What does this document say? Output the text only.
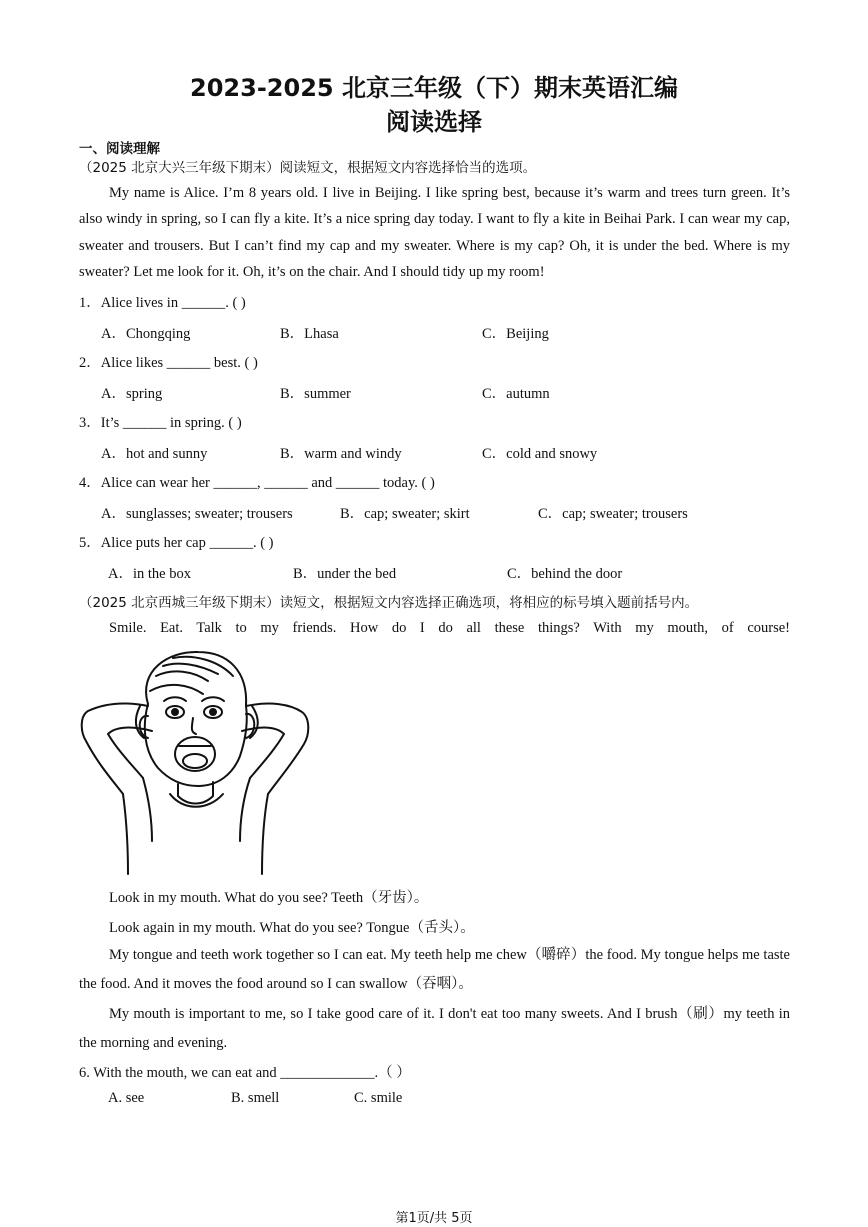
2023-2025 北京三年级（下）期末英语汇编
阅读选择
一、阅读理解
（2025 北京大兴三年级下期末）阅读短文，根据短文内容选择恰当的选项。
My name is Alice. I’m 8 years old. I live in Beijing. I like spring best, because it’s warm and trees turn green. It’s also windy in spring, so I can fly a kite. It’s a nice spring day today. I want to fly a kite in Beihai Park. I can wear my cap, sweater and trousers. But I can’t find my cap and my sweater. Where is my cap? Oh, it is under the bed. Where is my sweater? Let me look for it. Oh, it’s on the chair. And I should tidy up my room!
1．Alice lives in ______. ( )
A．Chongqing	B．Lhasa	C．Beijing
2．Alice likes ______ best. ( )
A．spring	B．summer	C．autumn
3．It’s ______ in spring. ( )
A．hot and sunny	B．warm and windy	C．cold and snowy
4．Alice can wear her ______, ______ and ______ today. ( )
A．sunglasses; sweater; trousers	B．cap; sweater; skirt	C．cap; sweater; trousers
5．Alice puts her cap ______. ( )
A．in the box	B．under the bed	C．behind the door
（2025 北京西城三年级下期末）读短文，根据短文内容选择正确选项，将相应的标号填入题前括号内。
Smile. Eat. Talk to my friends. How do I do all these things? With my mouth, of course!
Look in my mouth. What do you see? Teeth（牙齿）。
Look again in my mouth. What do you see? Tongue（舌头）。
My tongue and teeth work together so I can eat. My teeth help me chew（嚼碎）the food. My tongue helps me taste the food. And it moves the food around so I can swallow（吞咽）。
My mouth is important to me, so I take good care of it. I don't eat too many sweets. And I brush（刷）my teeth in the morning and evening.
6. With the mouth, we can eat and _____________.（ ）
A. see	B. smell	C. smile
第1页/共 5页
